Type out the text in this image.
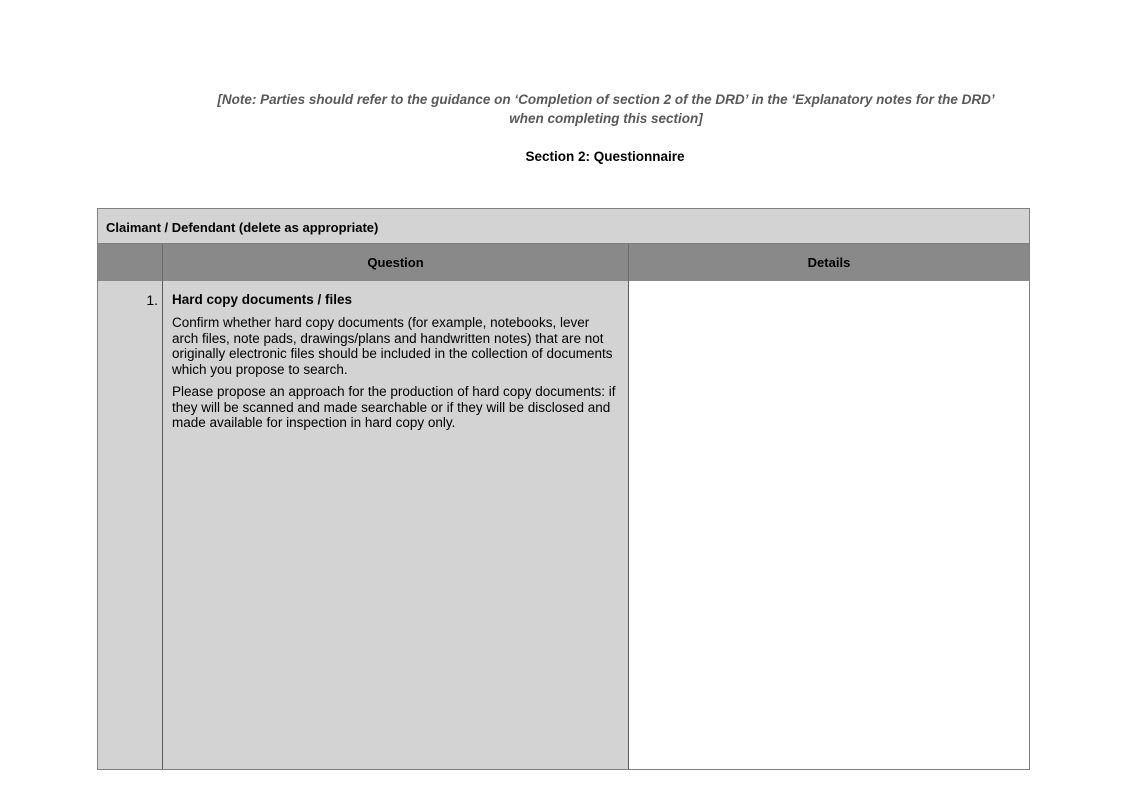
[Note: Parties should refer to the guidance on ‘Completion of section 2 of the DRD’ in the ‘Explanatory notes for the DRD’ when completing this section]
Section 2: Questionnaire
Claimant / Defendant (delete as appropriate)
Question	Details
1.	Hard copy documents / files
Confirm whether hard copy documents (for example, notebooks, lever arch files, note pads, drawings/plans and handwritten notes) that are not originally electronic files should be included in the collection of documents which you propose to search.
Please propose an approach for the production of hard copy documents: if they will be scanned and made searchable or if they will be disclosed and made available for inspection in hard copy only.
